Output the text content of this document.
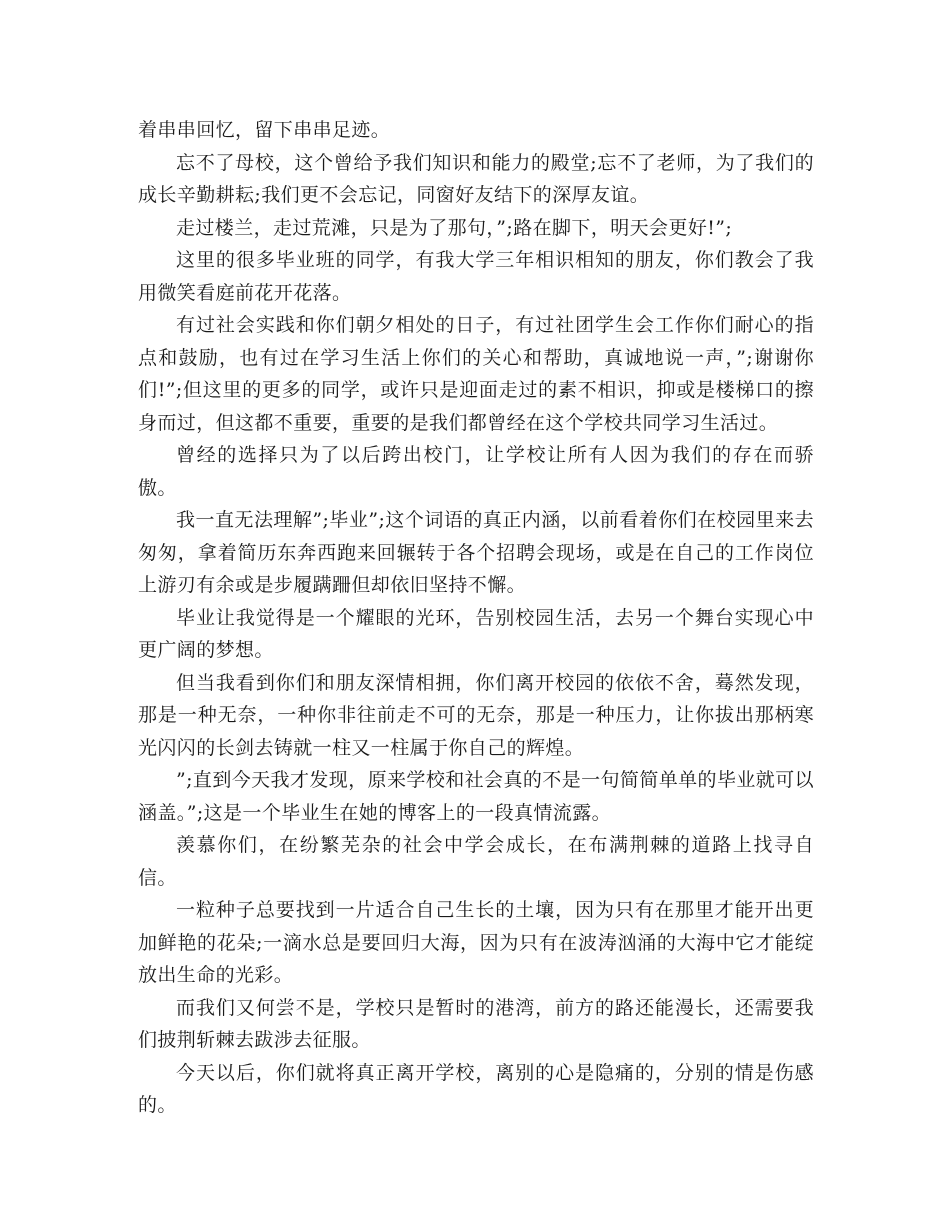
着串串回忆，留下串串足迹。

忘不了母校，这个曾给予我们知识和能力的殿堂;忘不了老师，为了我们的成长辛勤耕耘;我们更不会忘记，同窗好友结下的深厚友谊。

走过楼兰，走过荒滩，只是为了那句，”;路在脚下，明天会更好!”;

这里的很多毕业班的同学，有我大学三年相识相知的朋友，你们教会了我用微笑看庭前花开花落。

有过社会实践和你们朝夕相处的日子，有过社团学生会工作你们耐心的指点和鼓励，也有过在学习生活上你们的关心和帮助，真诚地说一声，”;谢谢你们!”;但这里的更多的同学，或许只是迎面走过的素不相识，抑或是楼梯口的擦身而过，但这都不重要，重要的是我们都曾经在这个学校共同学习生活过。

曾经的选择只为了以后跨出校门，让学校让所有人因为我们的存在而骄傲。

我一直无法理解”;毕业”;这个词语的真正内涵，以前看着你们在校园里来去匆匆，拿着简历东奔西跑来回辗转于各个招聘会现场，或是在自己的工作岗位上游刃有余或是步履蹒跚但却依旧坚持不懈。

毕业让我觉得是一个耀眼的光环，告别校园生活，去另一个舞台实现心中更广阔的梦想。

但当我看到你们和朋友深情相拥，你们离开校园的依依不舍，蓦然发现，那是一种无奈，一种你非往前走不可的无奈，那是一种压力，让你拔出那柄寒光闪闪的长剑去铸就一柱又一柱属于你自己的辉煌。

”;直到今天我才发现，原来学校和社会真的不是一句简简单单的毕业就可以涵盖。”;这是一个毕业生在她的博客上的一段真情流露。

羡慕你们，在纷繁芜杂的社会中学会成长，在布满荆棘的道路上找寻自信。

一粒种子总要找到一片适合自己生长的土壤，因为只有在那里才能开出更加鲜艳的花朵;一滴水总是要回归大海，因为只有在波涛汹涌的大海中它才能绽放出生命的光彩。

而我们又何尝不是，学校只是暂时的港湾，前方的路还能漫长，还需要我们披荆斩棘去跋涉去征服。

今天以后，你们就将真正离开学校，离别的心是隐痛的，分别的情是伤感的。
